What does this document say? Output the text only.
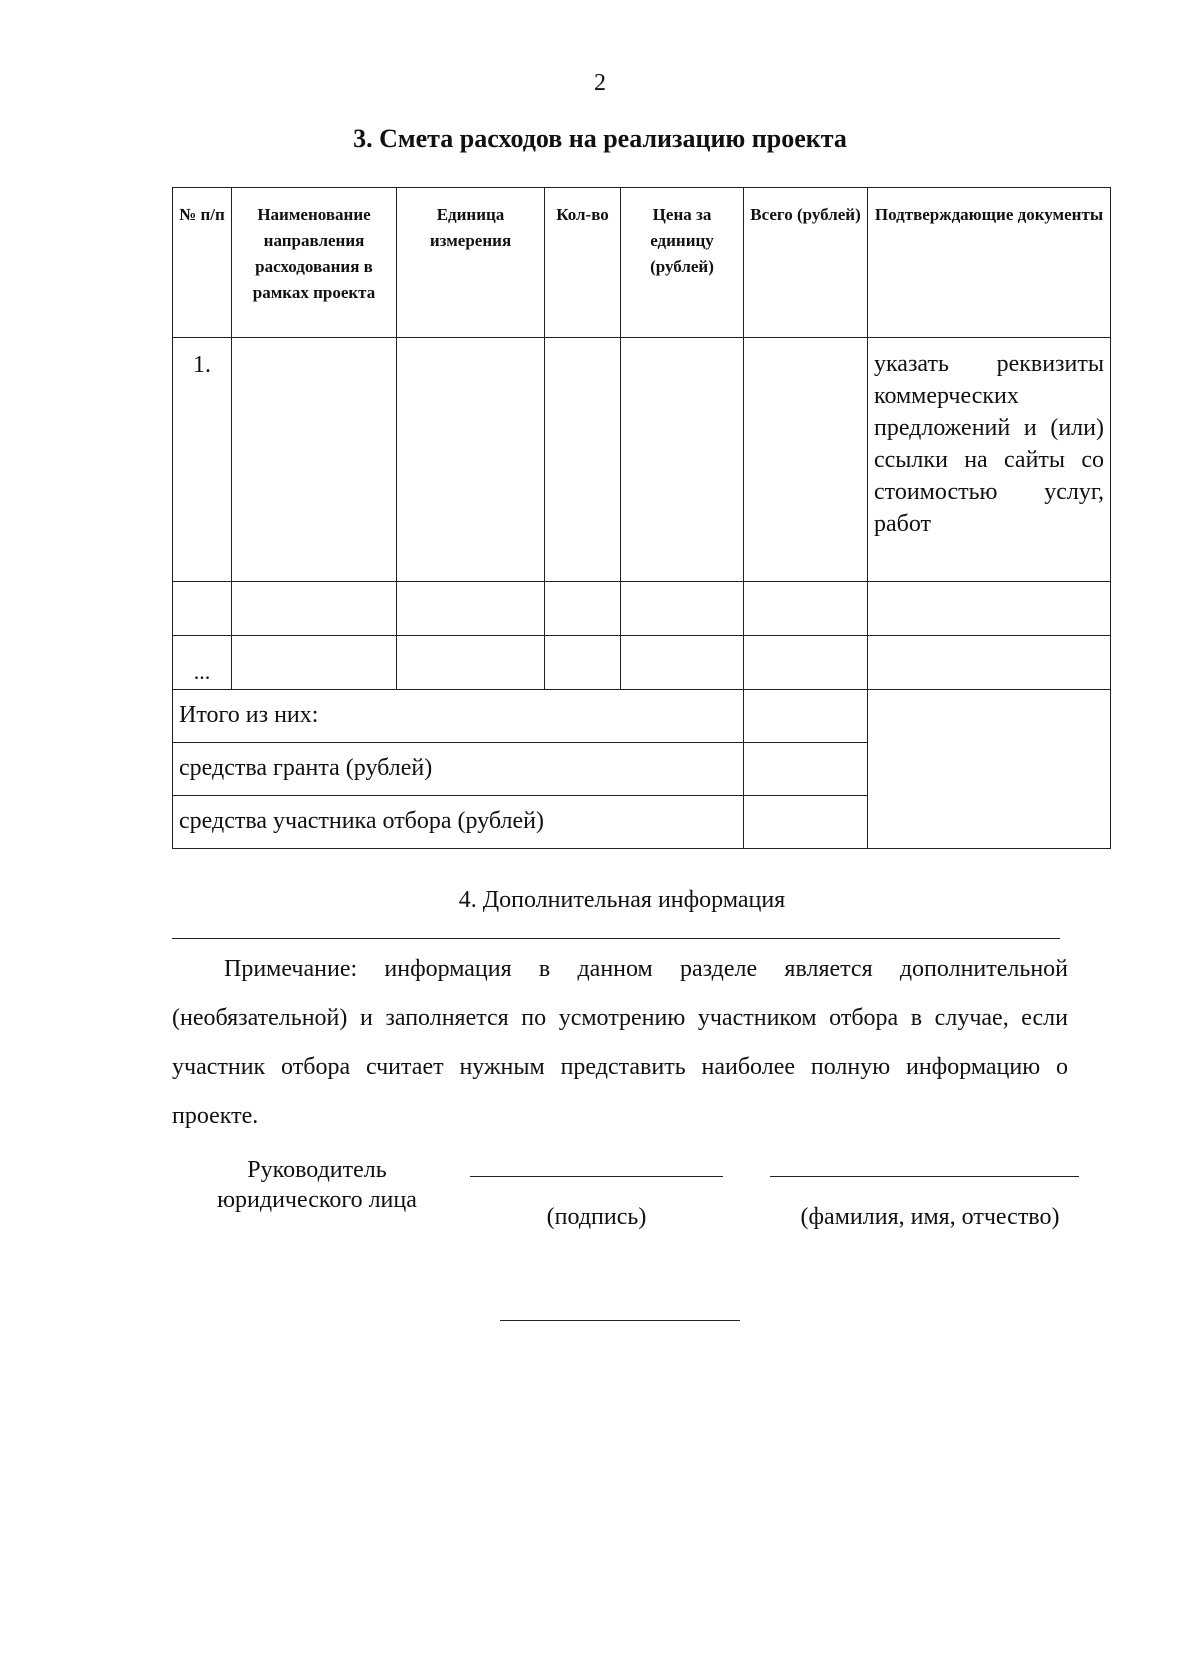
2
3. Смета расходов на реализацию проекта
№ п/п	Наименование направления расходования в рамках проекта	Единица измерения	Кол-во	Цена за единицу (рублей)	Всего (рублей)	Подтверждающие документы
1.						указать реквизиты коммерческих предложений и (или) ссылки на сайты со стоимостью услуг, работ

...						
Итого из них:						
средства гранта (рублей)						
средства участника отбора (рублей)						
4. Дополнительная информация
Примечание: информация в данном разделе является дополнительной (необязательной) и заполняется по усмотрению участником отбора в случае, если участник отбора считает нужным представить наиболее полную информацию о проекте.
Руководитель
юридического лица
(подпись)	(фамилия, имя, отчество)
